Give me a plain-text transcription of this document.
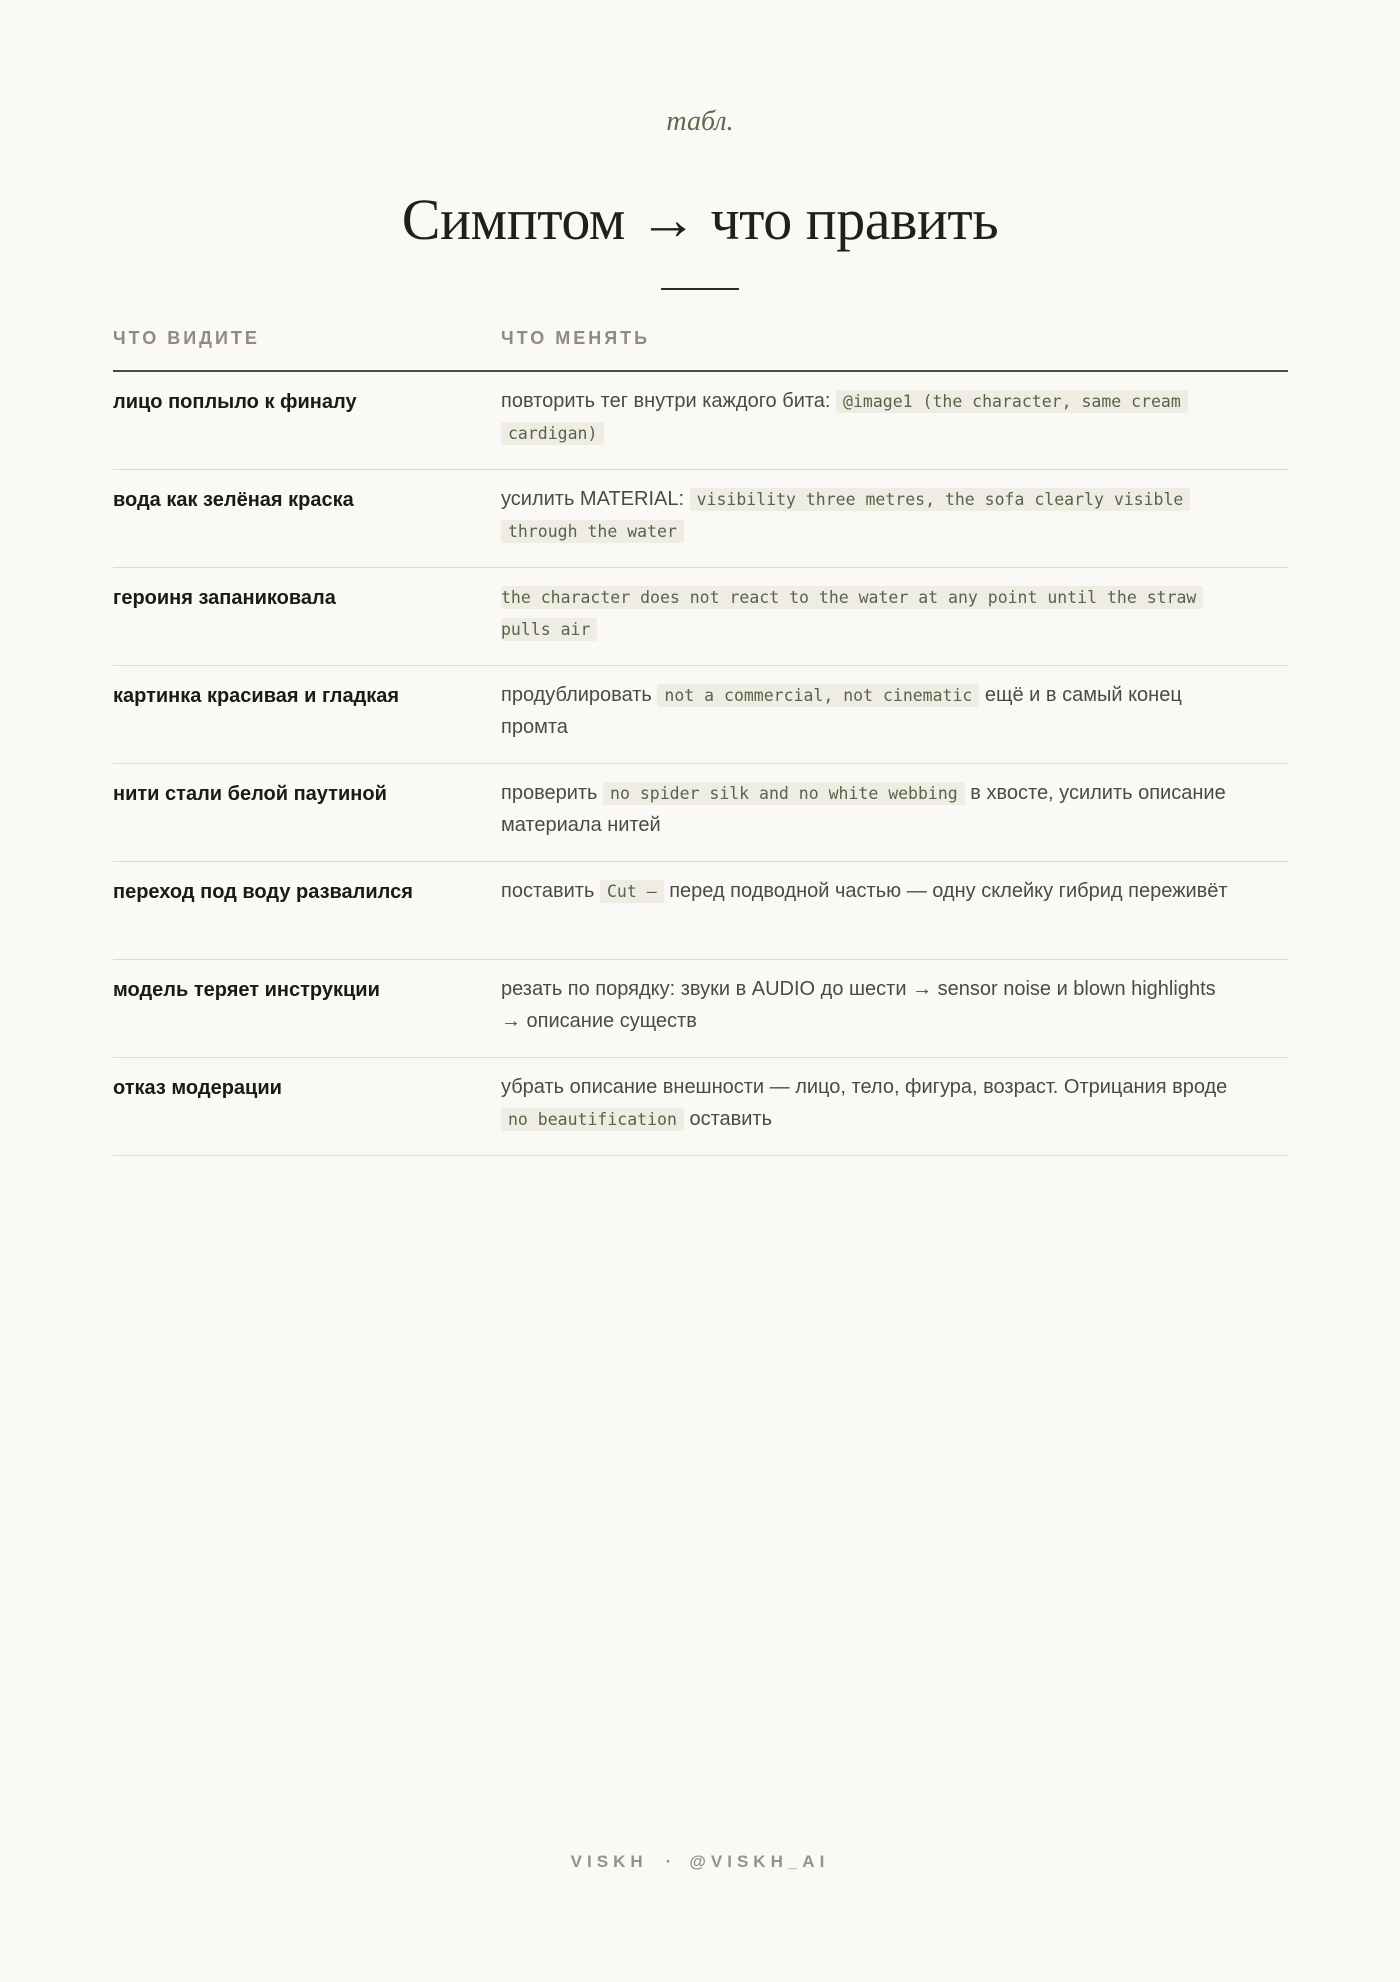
табл.

Симптом → что править
ЧТО ВИДИТЕ	ЧТО МЕНЯТЬ
лицо поплыло к финалу	повторить тег внутри каждого бита: @image1 (the character, same cream cardigan)
вода как зелёная краска	усилить MATERIAL: visibility three metres, the sofa clearly visible through the water
героиня запаниковала	the character does not react to the water at any point until the straw pulls air
картинка красивая и гладкая	продублировать not a commercial, not cinematic ещё и в самый конец промта
нити стали белой паутиной	проверить no spider silk and no white webbing в хвосте, усилить описание материала нитей
переход под воду развалился	поставить Cut — перед подводной частью — одну склейку гибрид переживёт
модель теряет инструкции	резать по порядку: звуки в AUDIO до шести → sensor noise и blown highlights → описание существ
отказ модерации	убрать описание внешности — лицо, тело, фигура, возраст. Отрицания вроде no beautification оставить
VISKH · @VISKH_AI
